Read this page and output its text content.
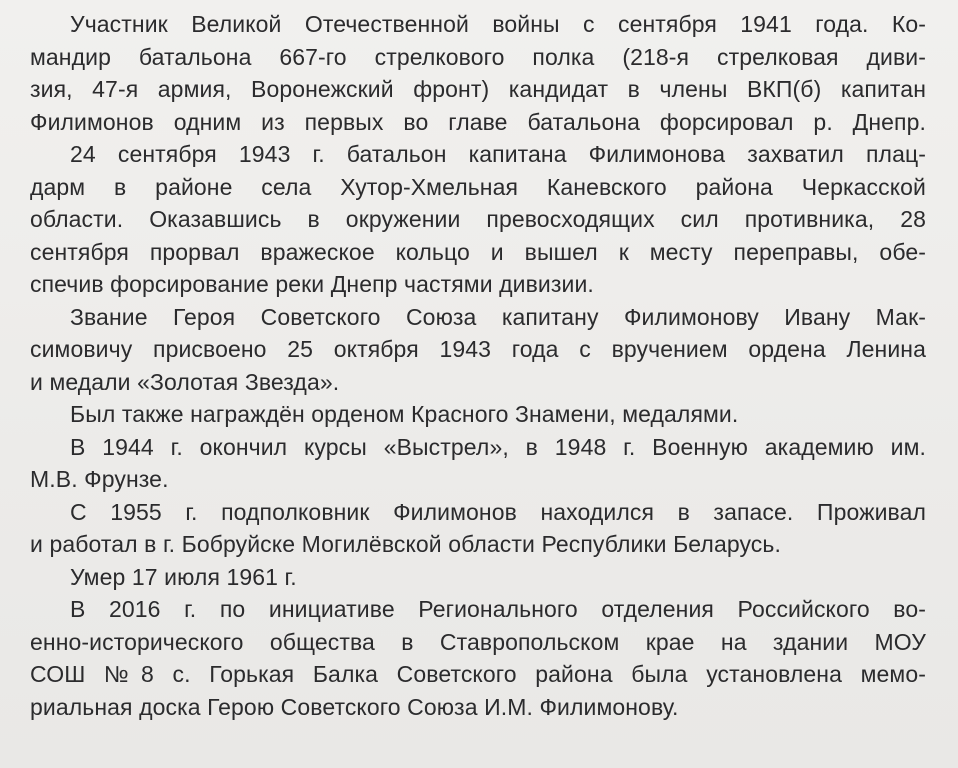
Участник Великой Отечественной войны с сентября 1941 года. Ко-
мандир батальона 667-го стрелкового полка (218-я стрелковая диви-
зия, 47-я армия, Воронежский фронт) кандидат в члены ВКП(б) капитан
Филимонов одним из первых во главе батальона форсировал р. Днепр.
24 сентября 1943 г. батальон капитана Филимонова захватил плац-
дарм в районе села Хутор-Хмельная Каневского района Черкасской
области. Оказавшись в окружении превосходящих сил противника, 28
сентября прорвал вражеское кольцо и вышел к месту переправы, обе-
спечив форсирование реки Днепр частями дивизии.
Звание Героя Советского Союза капитану Филимонову Ивану Мак-
симовичу присвоено 25 октября 1943 года с вручением ордена Ленина
и медали «Золотая Звезда».
Был также награждён орденом Красного Знамени, медалями.
В 1944 г. окончил курсы «Выстрел», в 1948 г. Военную академию им.
М.В. Фрунзе.
С 1955 г. подполковник Филимонов находился в запасе. Проживал
и работал в г. Бобруйске Могилёвской области Республики Беларусь.
Умер 17 июля 1961 г.
В 2016 г. по инициативе Регионального отделения Российского во-
енно-исторического общества в Ставропольском крае на здании МОУ
СОШ №8 с. Горькая Балка Советского района была установлена мемо-
риальная доска Герою Советского Союза И.М. Филимонову.
